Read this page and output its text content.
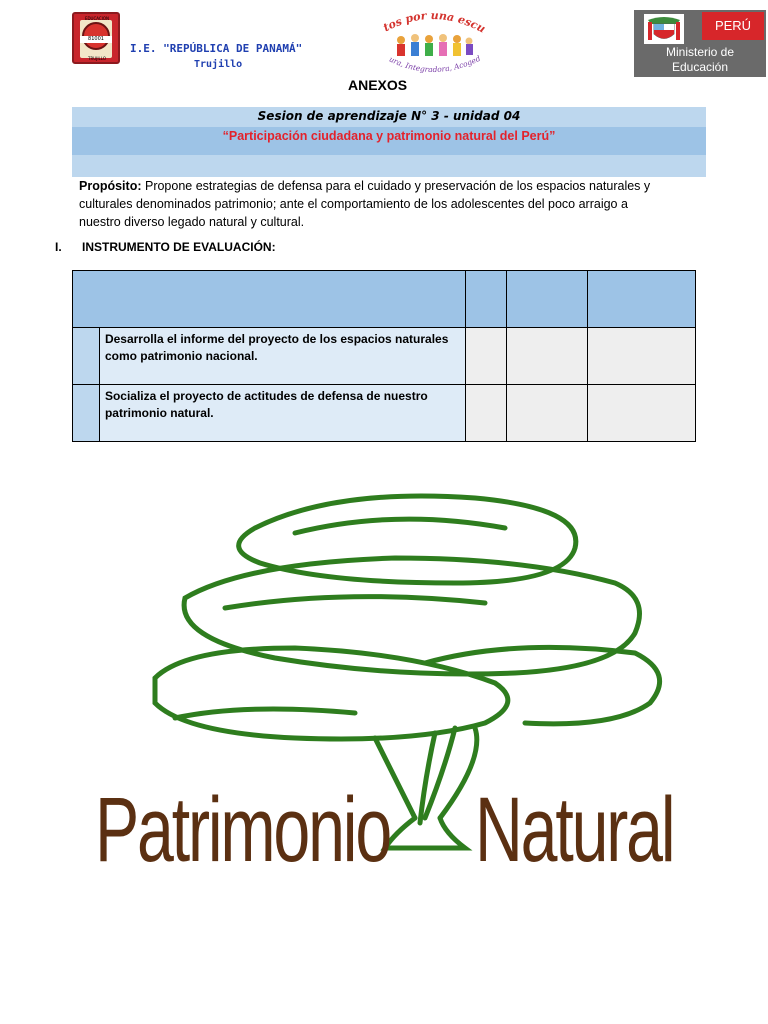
EDUCACION
81001
TRUJILLO
I.E. "REPÚBLICA DE PANAMÁ"
Trujillo
tos por una escu
ura, Integradora, Acoged
PERÚ
Ministerio de
Educación
ANEXOS
Sesion de aprendizaje N° 3 - unidad 04
“Participación ciudadana y patrimonio natural del Perú”
Propósito: Propone estrategias de defensa para el cuidado y preservación de los espacios naturales y
culturales denominados patrimonio; ante el comportamiento de los adolescentes del poco arraigo a
nuestro diverso legado natural y cultural.
I. INSTRUMENTO DE EVALUACIÓN:

	Desarrolla el informe del proyecto de los espacios naturales
como patrimonio nacional.			

	Socializa el proyecto de actitudes de defensa de nuestro
patrimonio natural.			

Patrimonio Natural
